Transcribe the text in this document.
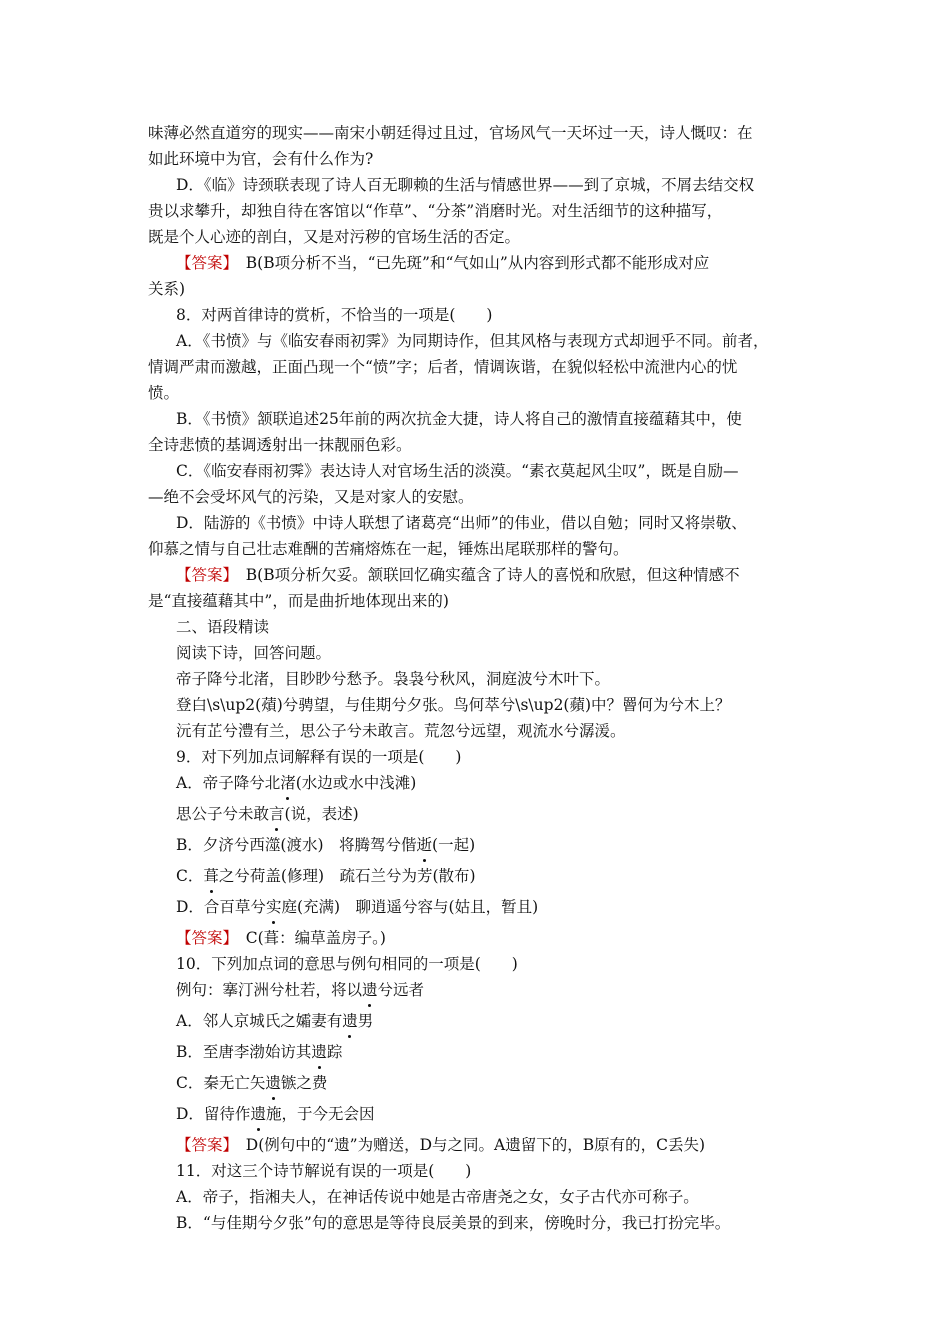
味薄必然直道穷的现实——南宋小朝廷得过且过，官场风气一天坏过一天，诗人慨叹：在
如此环境中为官，会有什么作为?
D．《临》诗颈联表现了诗人百无聊赖的生活与情感世界——到了京城，不屑去结交权
贵以求攀升，却独自待在客馆以“作草”、“分茶”消磨时光。对生活细节的这种描写，
既是个人心迹的剖白，又是对污秽的官场生活的否定。
【答案】　B(B项分析不当，“已先斑”和“气如山”从内容到形式都不能形成对应
关系)
8．对两首律诗的赏析，不恰当的一项是(　　)
A．《书愤》与《临安春雨初霁》为同期诗作，但其风格与表现方式却迥乎不同。前者，
情调严肃而激越，正面凸现一个“愤”字；后者，情调诙谐，在貌似轻松中流泄内心的忧
愤。
B．《书愤》颔联追述25年前的两次抗金大捷，诗人将自己的激情直接蕴藉其中，使
全诗悲愤的基调透射出一抹靓丽色彩。
C．《临安春雨初霁》表达诗人对官场生活的淡漠。“素衣莫起风尘叹”，既是自励—
—绝不会受坏风气的污染，又是对家人的安慰。
D．陆游的《书愤》中诗人联想了诸葛亮“出师”的伟业，借以自勉；同时又将崇敬、
仰慕之情与自己壮志难酬的苦痛熔炼在一起，锤炼出尾联那样的警句。
【答案】　B(B项分析欠妥。颔联回忆确实蕴含了诗人的喜悦和欣慰，但这种情感不
是“直接蕴藉其中”，而是曲折地体现出来的)
二、语段精读
阅读下诗，回答问题。
帝子降兮北渚，目眇眇兮愁予。袅袅兮秋风，洞庭波兮木叶下。
登白\s\up2(薠)兮骋望，与佳期兮夕张。鸟何萃兮\s\up2(蘋)中？罾何为兮木上？
沅有芷兮澧有兰，思公子兮未敢言。荒忽兮远望，观流水兮潺湲。
9．对下列加点词解释有误的一项是(　　)
A．帝子降兮北渚(水边或水中浅滩)
思公子兮未敢言(说，表述)
B．夕济兮西澨(渡水)　将腾驾兮偕逝(一起)
C．葺之兮荷盖(修理)　疏石兰兮为芳(散布)
D．合百草兮实庭(充满)　聊逍遥兮容与(姑且，暂且)
【答案】　C(葺：编草盖房子。)
10．下列加点词的意思与例句相同的一项是(　　)
例句：搴汀洲兮杜若，将以遗兮远者
A．邻人京城氏之孀妻有遗男
B．至唐李渤始访其遗踪
C．秦无亡矢遗镞之费
D．留待作遗施，于今无会因
【答案】　D(例句中的“遗”为赠送，D与之同。A遗留下的，B原有的，C丢失)
11．对这三个诗节解说有误的一项是(　　)
A．帝子，指湘夫人，在神话传说中她是古帝唐尧之女，女子古代亦可称子。
B．“与佳期兮夕张”句的意思是等待良辰美景的到来，傍晚时分，我已打扮完毕。
